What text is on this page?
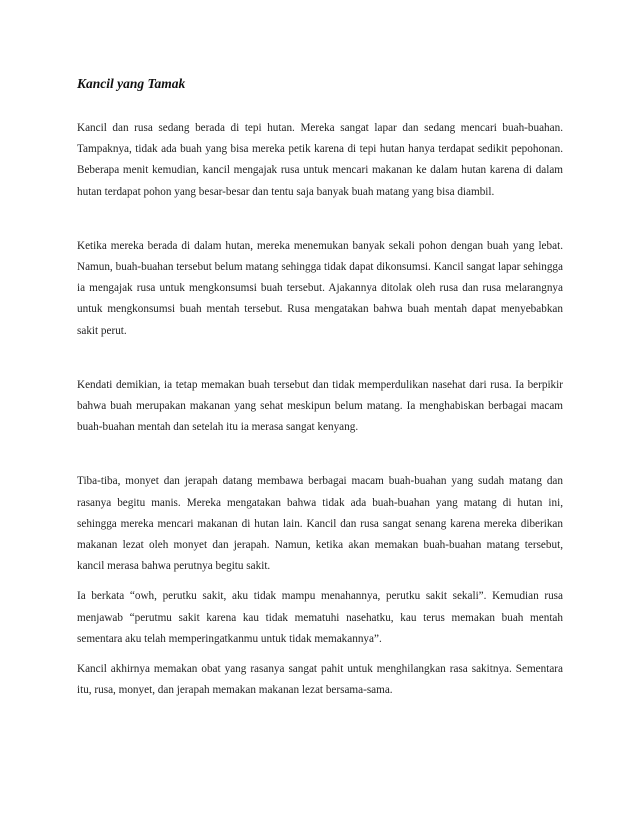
Kancil yang Tamak

Kancil dan rusa sedang berada di tepi hutan. Mereka sangat lapar dan sedang mencari buah-buahan. Tampaknya, tidak ada buah yang bisa mereka petik karena di tepi hutan hanya terdapat sedikit pepohonan. Beberapa menit kemudian, kancil mengajak rusa untuk mencari makanan ke dalam hutan karena di dalam hutan terdapat pohon yang besar-besar dan tentu saja banyak buah matang yang bisa diambil.

Ketika mereka berada di dalam hutan, mereka menemukan banyak sekali pohon dengan buah yang lebat. Namun, buah-buahan tersebut belum matang sehingga tidak dapat dikonsumsi. Kancil sangat lapar sehingga ia mengajak rusa untuk mengkonsumsi buah tersebut. Ajakannya ditolak oleh rusa dan rusa melarangnya untuk mengkonsumsi buah mentah tersebut. Rusa mengatakan bahwa buah mentah dapat menyebabkan sakit perut.

Kendati demikian, ia tetap memakan buah tersebut dan tidak memperdulikan nasehat dari rusa. Ia berpikir bahwa buah merupakan makanan yang sehat meskipun belum matang. Ia menghabiskan berbagai macam buah-buahan mentah dan setelah itu ia merasa sangat kenyang.

Tiba-tiba, monyet dan jerapah datang membawa berbagai macam buah-buahan yang sudah matang dan rasanya begitu manis. Mereka mengatakan bahwa tidak ada buah-buahan yang matang di hutan ini, sehingga mereka mencari makanan di hutan lain. Kancil dan rusa sangat senang karena mereka diberikan makanan lezat oleh monyet dan jerapah. Namun, ketika akan memakan buah-buahan matang tersebut, kancil merasa bahwa perutnya begitu sakit.

Ia berkata “owh, perutku sakit, aku tidak mampu menahannya, perutku sakit sekali”. Kemudian rusa menjawab “perutmu sakit karena kau tidak mematuhi nasehatku, kau terus memakan buah mentah sementara aku telah memperingatkanmu untuk tidak memakannya”.

Kancil akhirnya memakan obat yang rasanya sangat pahit untuk menghilangkan rasa sakitnya. Sementara itu, rusa, monyet, dan jerapah memakan makanan lezat bersama-sama.
